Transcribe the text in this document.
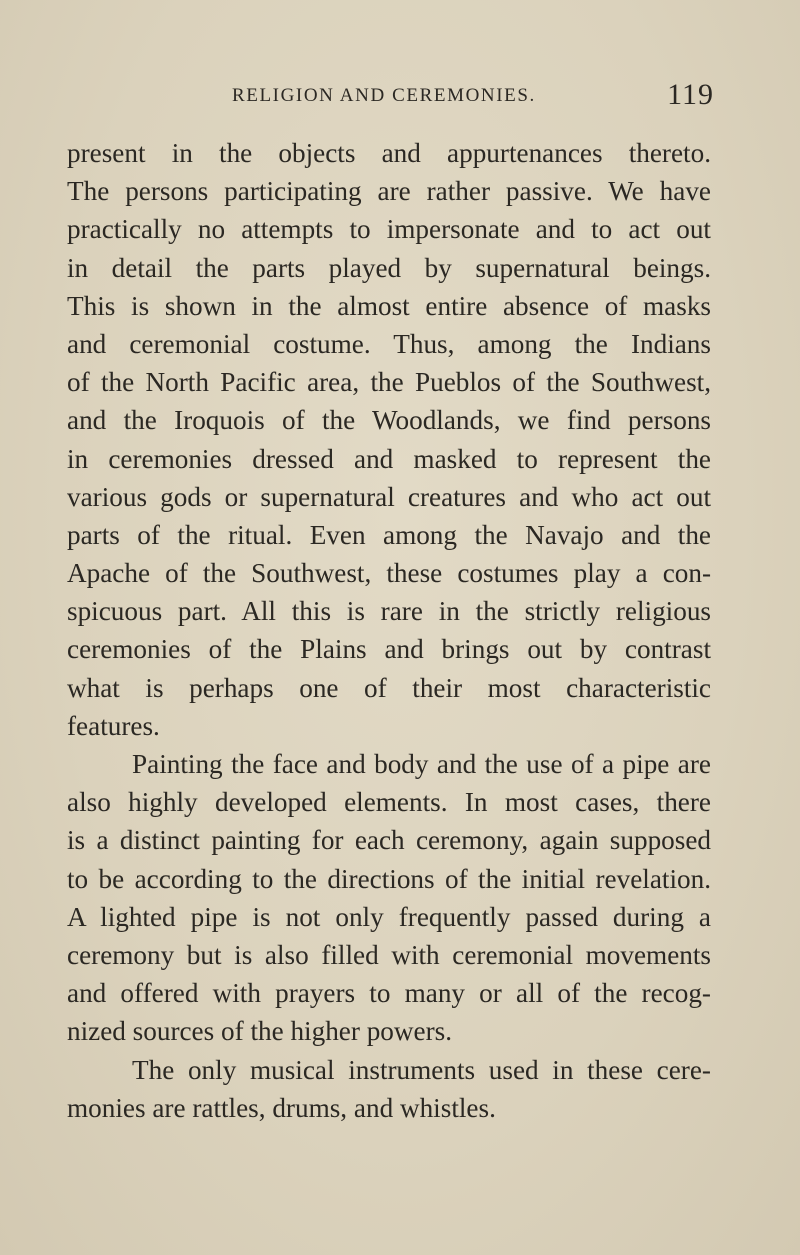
RELIGION AND CEREMONIES.	119
present in the objects and appurtenances thereto.
The persons participating are rather passive. We have
practically no attempts to impersonate and to act out
in detail the parts played by supernatural beings.
This is shown in the almost entire absence of masks
and ceremonial costume. Thus, among the Indians
of the North Pacific area, the Pueblos of the Southwest,
and the Iroquois of the Woodlands, we find persons
in ceremonies dressed and masked to represent the
various gods or supernatural creatures and who act out
parts of the ritual. Even among the Navajo and the
Apache of the Southwest, these costumes play a con-
spicuous part. All this is rare in the strictly religious
ceremonies of the Plains and brings out by contrast
what is perhaps one of their most characteristic
features.
Painting the face and body and the use of a pipe are
also highly developed elements. In most cases, there
is a distinct painting for each ceremony, again supposed
to be according to the directions of the initial revelation.
A lighted pipe is not only frequently passed during a
ceremony but is also filled with ceremonial movements
and offered with prayers to many or all of the recog-
nized sources of the higher powers.
The only musical instruments used in these cere-
monies are rattles, drums, and whistles.
